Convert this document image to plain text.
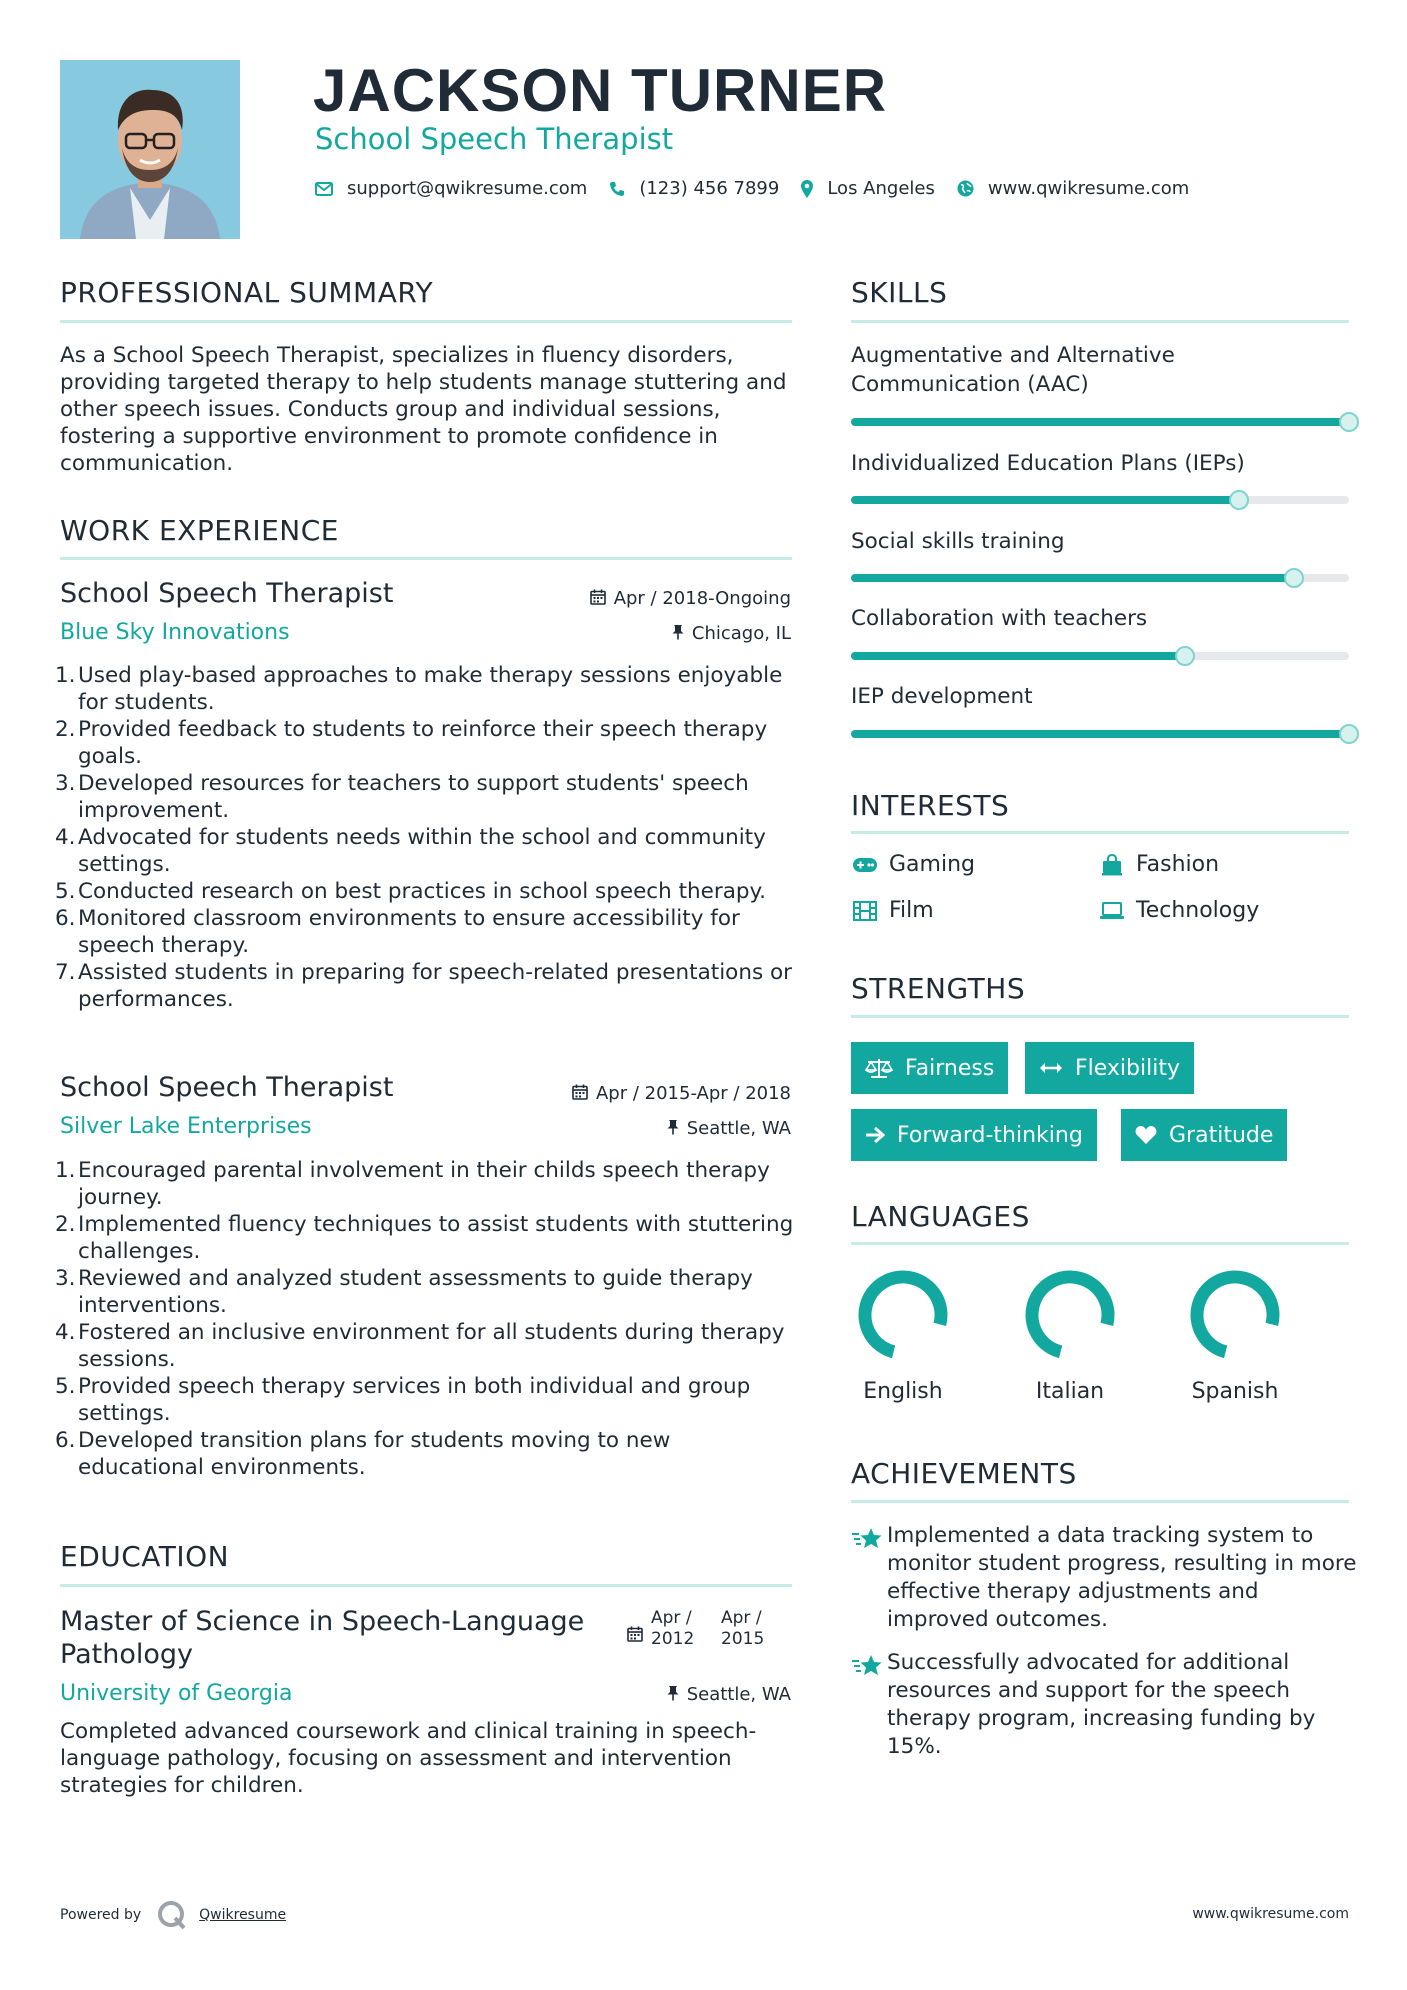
JACKSON TURNER
School Speech Therapist
support@qwikresume.com	(123) 456 7899	Los Angeles	www.qwikresume.com
PROFESSIONAL SUMMARY
As a School Speech Therapist, specializes in fluency disorders, providing targeted therapy to help students manage stuttering and other speech issues. Conducts group and individual sessions, fostering a supportive environment to promote confidence in communication.
WORK EXPERIENCE
School Speech Therapist	Apr / 2018-Ongoing
Blue Sky Innovations	Chicago, IL
1. Used play-based approaches to make therapy sessions enjoyable for students.
2. Provided feedback to students to reinforce their speech therapy goals.
3. Developed resources for teachers to support students' speech improvement.
4. Advocated for students needs within the school and community settings.
5. Conducted research on best practices in school speech therapy.
6. Monitored classroom environments to ensure accessibility for speech therapy.
7. Assisted students in preparing for speech-related presentations or performances.
School Speech Therapist	Apr / 2015-Apr / 2018
Silver Lake Enterprises	Seattle, WA
1. Encouraged parental involvement in their childs speech therapy journey.
2. Implemented fluency techniques to assist students with stuttering challenges.
3. Reviewed and analyzed student assessments to guide therapy interventions.
4. Fostered an inclusive environment for all students during therapy sessions.
5. Provided speech therapy services in both individual and group settings.
6. Developed transition plans for students moving to new educational environments.
EDUCATION
Master of Science in Speech-Language Pathology
Apr / 2012
Apr / 2015
University of Georgia	Seattle, WA
Completed advanced coursework and clinical training in speech-language pathology, focusing on assessment and intervention strategies for children.
SKILLS
Augmentative and Alternative Communication (AAC)
Individualized Education Plans (IEPs)
Social skills training
Collaboration with teachers
IEP development
INTERESTS
Gaming	Fashion
Film	Technology
STRENGTHS
Fairness	Flexibility
Forward-thinking	Gratitude
LANGUAGES
English	Italian	Spanish
ACHIEVEMENTS
Implemented a data tracking system to monitor student progress, resulting in more effective therapy adjustments and improved outcomes.
Successfully advocated for additional resources and support for the speech therapy program, increasing funding by 15%.
Powered by	Qwikresume	www.qwikresume.com
